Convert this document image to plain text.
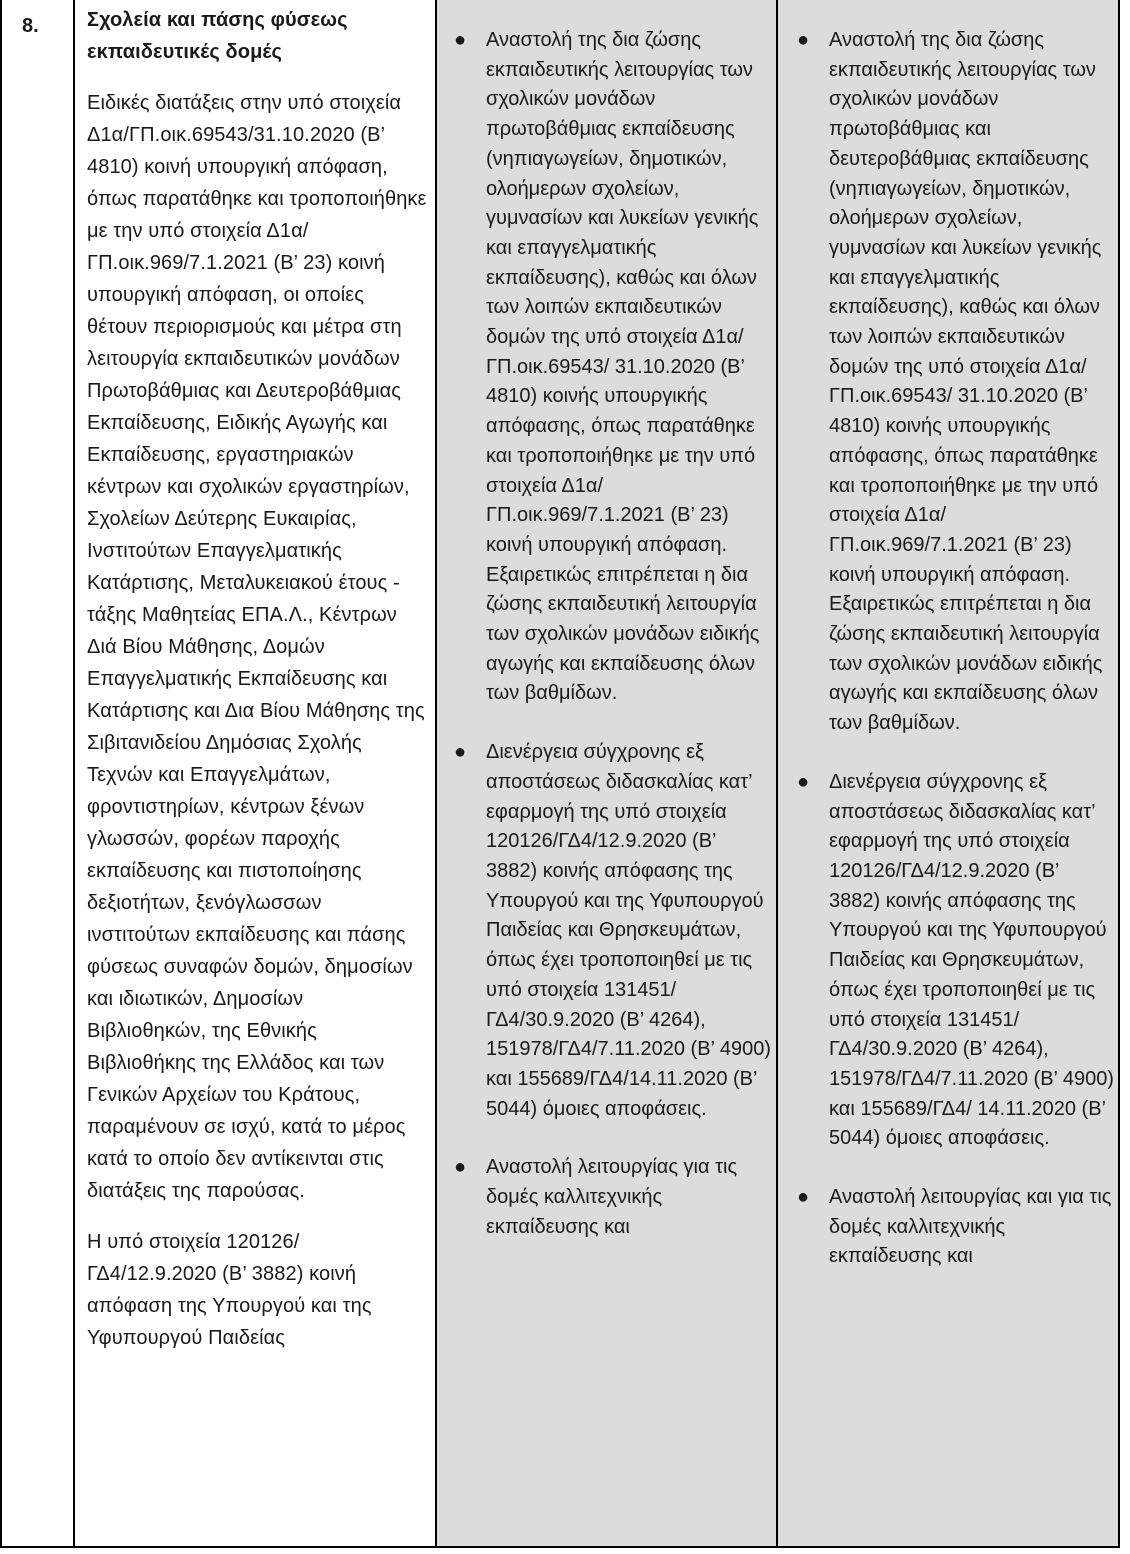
8. Σχολεία και πάσης φύσεως εκπαιδευτικές δομές

Ειδικές διατάξεις στην υπό στοιχεία Δ1α/ΓΠ.οικ.69543/31.10.2020 (Β’ 4810) κοινή υπουργική απόφαση, όπως παρατάθηκε και τροποποιήθηκε με την υπό στοιχεία Δ1α/ΓΠ.οικ.969/7.1.2021 (Β’ 23) κοινή υπουργική απόφαση, οι οποίες θέτουν περιορισμούς και μέτρα στη λειτουργία εκπαιδευτικών μονάδων Πρωτοβάθμιας και Δευτεροβάθμιας Εκπαίδευσης, Ειδικής Αγωγής και Εκπαίδευσης, εργαστηριακών κέντρων και σχολικών εργαστηρίων, Σχολείων Δεύτερης Ευκαιρίας, Ινστιτούτων Επαγγελματικής Κατάρτισης, Μεταλυκειακού έτους - τάξης Μαθητείας ΕΠΑ.Λ., Κέντρων Διά Βίου Μάθησης, Δομών Επαγγελματικής Εκπαίδευσης και Κατάρτισης και Δια Βίου Μάθησης της Σιβιτανιδείου Δημόσιας Σχολής Τεχνών και Επαγγελμάτων, φροντιστηρίων, κέντρων ξένων γλωσσών, φορέων παροχής εκπαίδευσης και πιστοποίησης δεξιοτήτων, ξενόγλωσσων ινστιτούτων εκπαίδευσης και πάσης φύσεως συναφών δομών, δημοσίων και ιδιωτικών, Δημοσίων Βιβλιοθηκών, της Εθνικής Βιβλιοθήκης της Ελλάδος και των Γενικών Αρχείων του Κράτους, παραμένουν σε ισχύ, κατά το μέρος κατά το οποίο δεν αντίκεινται στις διατάξεις της παρούσας.

Η υπό στοιχεία 120126/ΓΔ4/12.9.2020 (Β’ 3882) κοινή απόφαση της Υπουργού και της Υφυπουργού Παιδείας

● Αναστολή της δια ζώσης εκπαιδευτικής λειτουργίας των σχολικών μονάδων πρωτοβάθμιας εκπαίδευσης (νηπιαγωγείων, δημοτικών, ολοήμερων σχολείων, γυμνασίων και λυκείων γενικής και επαγγελματικής εκπαίδευσης), καθώς και όλων των λοιπών εκπαιδευτικών δομών της υπό στοιχεία Δ1α/ΓΠ.οικ.69543/ 31.10.2020 (Β’ 4810) κοινής υπουργικής απόφασης, όπως παρατάθηκε και τροποποιήθηκε με την υπό στοιχεία Δ1α/ΓΠ.οικ.969/7.1.2021 (Β’ 23) κοινή υπουργική απόφαση. Εξαιρετικώς επιτρέπεται η δια ζώσης εκπαιδευτική λειτουργία των σχολικών μονάδων ειδικής αγωγής και εκπαίδευσης όλων των βαθμίδων.
● Διενέργεια σύγχρονης εξ αποστάσεως διδασκαλίας κατ’ εφαρμογή της υπό στοιχεία 120126/ΓΔ4/12.9.2020 (Β’ 3882) κοινής απόφασης της Υπουργού και της Υφυπουργού Παιδείας και Θρησκευμάτων, όπως έχει τροποποιηθεί με τις υπό στοιχεία 131451/ΓΔ4/30.9.2020 (Β’ 4264), 151978/ΓΔ4/7.11.2020 (Β’ 4900) και 155689/ΓΔ4/14.11.2020 (Β’ 5044) όμοιες αποφάσεις.
● Αναστολή λειτουργίας για τις δομές καλλιτεχνικής εκπαίδευσης και
● Αναστολή της δια ζώσης εκπαιδευτικής λειτουργίας των σχολικών μονάδων πρωτοβάθμιας και δευτεροβάθμιας εκπαίδευσης (νηπιαγωγείων, δημοτικών, ολοήμερων σχολείων, γυμνασίων και λυκείων γενικής και επαγγελματικής εκπαίδευσης), καθώς και όλων των λοιπών εκπαιδευτικών δομών της υπό στοιχεία Δ1α/ΓΠ.οικ.69543/ 31.10.2020 (Β’ 4810) κοινής υπουργικής απόφασης, όπως παρατάθηκε και τροποποιήθηκε με την υπό στοιχεία Δ1α/ΓΠ.οικ.969/7.1.2021 (Β’ 23) κοινή υπουργική απόφαση. Εξαιρετικώς επιτρέπεται η δια ζώσης εκπαιδευτική λειτουργία των σχολικών μονάδων ειδικής αγωγής και εκπαίδευσης όλων των βαθμίδων.
● Διενέργεια σύγχρονης εξ αποστάσεως διδασκαλίας κατ’ εφαρμογή της υπό στοιχεία 120126/ΓΔ4/12.9.2020 (Β’ 3882) κοινής απόφασης της Υπουργού και της Υφυπουργού Παιδείας και Θρησκευμάτων, όπως έχει τροποποιηθεί με τις υπό στοιχεία 131451/ΓΔ4/30.9.2020 (Β’ 4264), 151978/ΓΔ4/7.11.2020 (Β’ 4900) και 155689/ΓΔ4/ 14.11.2020 (Β’ 5044) όμοιες αποφάσεις.
● Αναστολή λειτουργίας και για τις δομές καλλιτεχνικής εκπαίδευσης και
